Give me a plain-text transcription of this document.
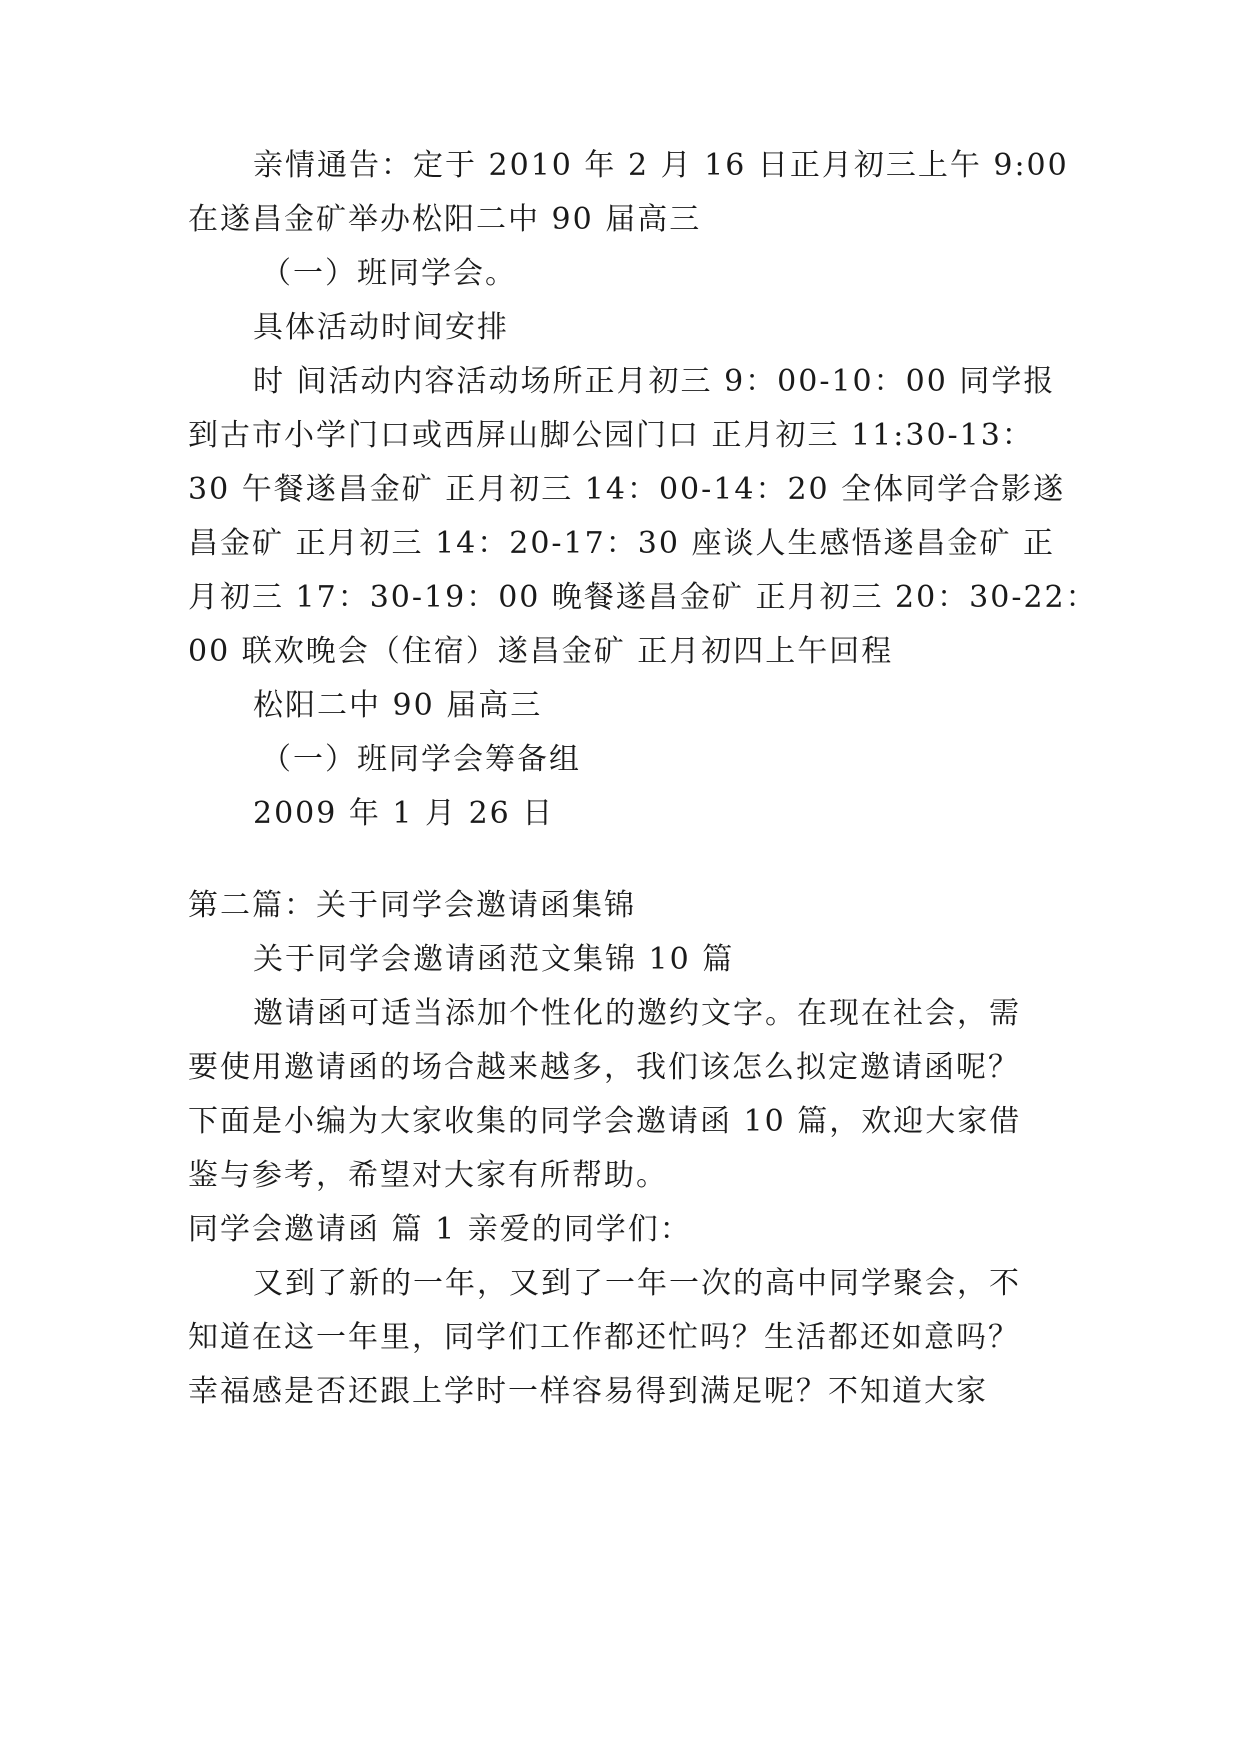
亲情通告：定于 2010 年 2 月 16 日正月初三上午 9:00

在遂昌金矿举办松阳二中 90 届高三

（一）班同学会。

具体活动时间安排

时 间活动内容活动场所正月初三 9：00-10：00 同学报

到古市小学门口或西屏山脚公园门口 正月初三 11:30-13：

30 午餐遂昌金矿 正月初三 14：00-14：20 全体同学合影遂

昌金矿 正月初三 14：20-17：30 座谈人生感悟遂昌金矿 正

月初三 17：30-19：00 晚餐遂昌金矿 正月初三 20：30-22：

00 联欢晚会（住宿）遂昌金矿 正月初四上午回程

松阳二中 90 届高三

（一）班同学会筹备组

2009 年 1 月 26 日

第二篇：关于同学会邀请函集锦

关于同学会邀请函范文集锦 10 篇

邀请函可适当添加个性化的邀约文字。在现在社会，需

要使用邀请函的场合越来越多，我们该怎么拟定邀请函呢？

下面是小编为大家收集的同学会邀请函 10 篇，欢迎大家借

鉴与参考，希望对大家有所帮助。

同学会邀请函 篇 1 亲爱的同学们：

又到了新的一年，又到了一年一次的高中同学聚会，不

知道在这一年里，同学们工作都还忙吗？生活都还如意吗？

幸福感是否还跟上学时一样容易得到满足呢？不知道大家
